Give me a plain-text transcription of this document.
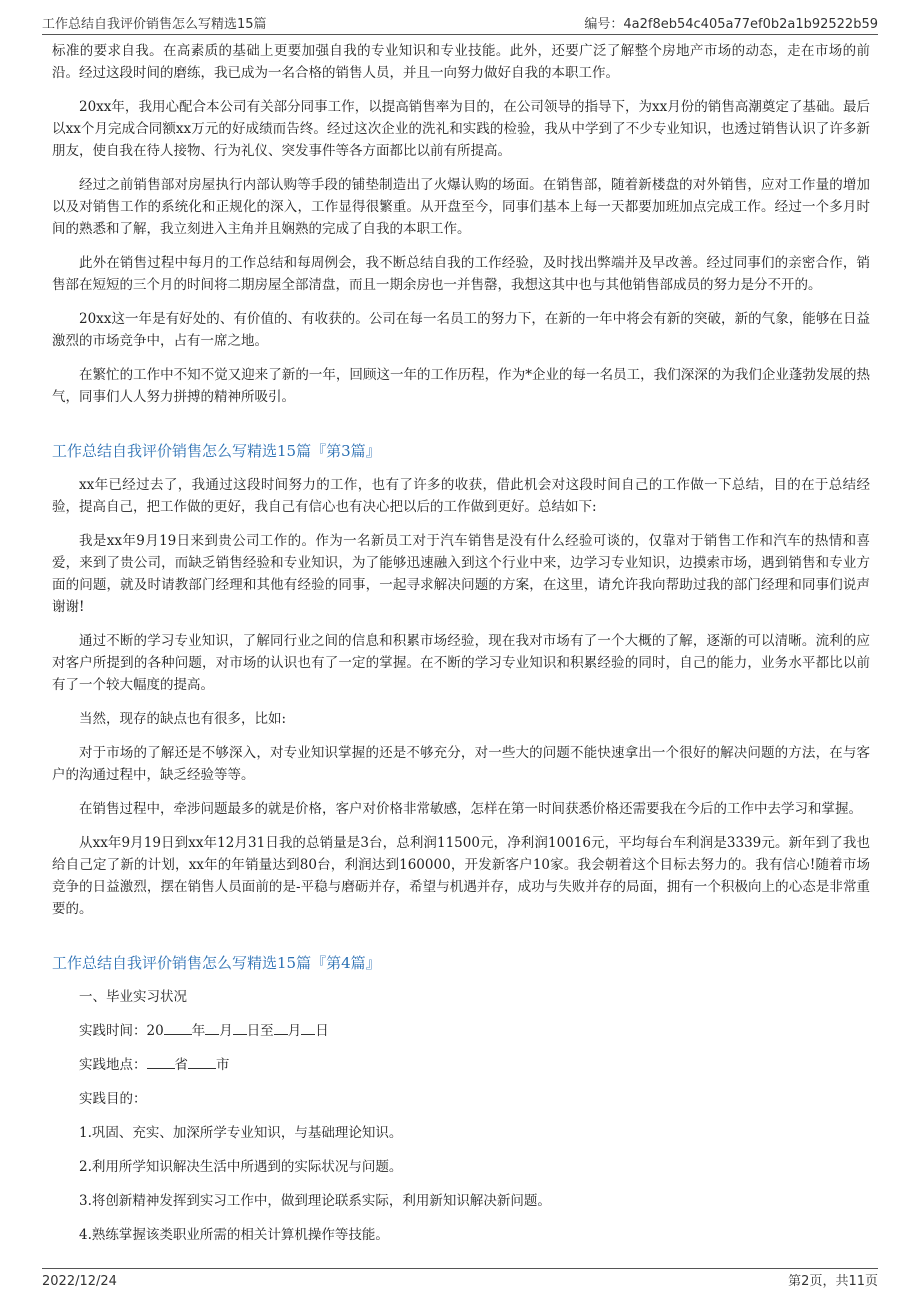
工作总结自我评价销售怎么写精选15篇	编号：4a2f8eb54c405a77ef0b2a1b92522b59

标准的要求自我。在高素质的基础上更要加强自我的专业知识和专业技能。此外，还要广泛了解整个房地产市场的动态，走在市场的前沿。经过这段时间的磨练，我已成为一名合格的销售人员，并且一向努力做好自我的本职工作。

20xx年，我用心配合本公司有关部分同事工作，以提高销售率为目的，在公司领导的指导下，为xx月份的销售高潮奠定了基础。最后以xx个月完成合同额xx万元的好成绩而告终。经过这次企业的洗礼和实践的检验，我从中学到了不少专业知识，也透过销售认识了许多新朋友，使自我在待人接物、行为礼仪、突发事件等各方面都比以前有所提高。

经过之前销售部对房屋执行内部认购等手段的铺垫制造出了火爆认购的场面。在销售部，随着新楼盘的对外销售，应对工作量的增加以及对销售工作的系统化和正规化的深入，工作显得很繁重。从开盘至今，同事们基本上每一天都要加班加点完成工作。经过一个多月时间的熟悉和了解，我立刻进入主角并且娴熟的完成了自我的本职工作。

此外在销售过程中每月的工作总结和每周例会，我不断总结自我的工作经验，及时找出弊端并及早改善。经过同事们的亲密合作，销售部在短短的三个月的时间将二期房屋全部清盘，而且一期余房也一并售罄，我想这其中也与其他销售部成员的努力是分不开的。

20xx这一年是有好处的、有价值的、有收获的。公司在每一名员工的努力下，在新的一年中将会有新的突破，新的气象，能够在日益激烈的市场竞争中，占有一席之地。

在繁忙的工作中不知不觉又迎来了新的一年，回顾这一年的工作历程，作为*企业的每一名员工，我们深深的为我们企业蓬勃发展的热气，同事们人人努力拼搏的精神所吸引。

工作总结自我评价销售怎么写精选15篇『第3篇』

xx年已经过去了，我通过这段时间努力的工作，也有了许多的收获，借此机会对这段时间自己的工作做一下总结，目的在于总结经验，提高自己，把工作做的更好，我自己有信心也有决心把以后的工作做到更好。总结如下:

我是xx年9月19日来到贵公司工作的。作为一名新员工对于汽车销售是没有什么经验可谈的，仅靠对于销售工作和汽车的热情和喜爱，来到了贵公司，而缺乏销售经验和专业知识，为了能够迅速融入到这个行业中来，边学习专业知识，边摸索市场，遇到销售和专业方面的问题，就及时请教部门经理和其他有经验的同事，一起寻求解决问题的方案，在这里，请允许我向帮助过我的部门经理和同事们说声谢谢!

通过不断的学习专业知识，了解同行业之间的信息和积累市场经验，现在我对市场有了一个大概的了解，逐渐的可以清晰。流利的应对客户所提到的各种问题，对市场的认识也有了一定的掌握。在不断的学习专业知识和积累经验的同时，自己的能力，业务水平都比以前有了一个较大幅度的提高。

当然，现存的缺点也有很多，比如:

对于市场的了解还是不够深入，对专业知识掌握的还是不够充分，对一些大的问题不能快速拿出一个很好的解决问题的方法，在与客户的沟通过程中，缺乏经验等等。

在销售过程中，牵涉问题最多的就是价格，客户对价格非常敏感，怎样在第一时间获悉价格还需要我在今后的工作中去学习和掌握。

从xx年9月19日到xx年12月31日我的总销量是3台，总利润11500元，净利润10016元，平均每台车利润是3339元。新年到了我也给自己定了新的计划，xx年的年销量达到80台，利润达到160000，开发新客户10家。我会朝着这个目标去努力的。我有信心!随着市场竞争的日益激烈，摆在销售人员面前的是-平稳与磨砺并存，希望与机遇并存，成功与失败并存的局面，拥有一个积极向上的心态是非常重要的。

工作总结自我评价销售怎么写精选15篇『第4篇』

一、毕业实习状况

实践时间：20 年 月 日至 月 日

实践地点： 省 市

实践目的：

1.巩固、充实、加深所学专业知识，与基础理论知识。

2.利用所学知识解决生活中所遇到的实际状况与问题。

3.将创新精神发挥到实习工作中，做到理论联系实际，利用新知识解决新问题。

4.熟练掌握该类职业所需的相关计算机操作等技能。

2022/12/24	第2页，共11页
